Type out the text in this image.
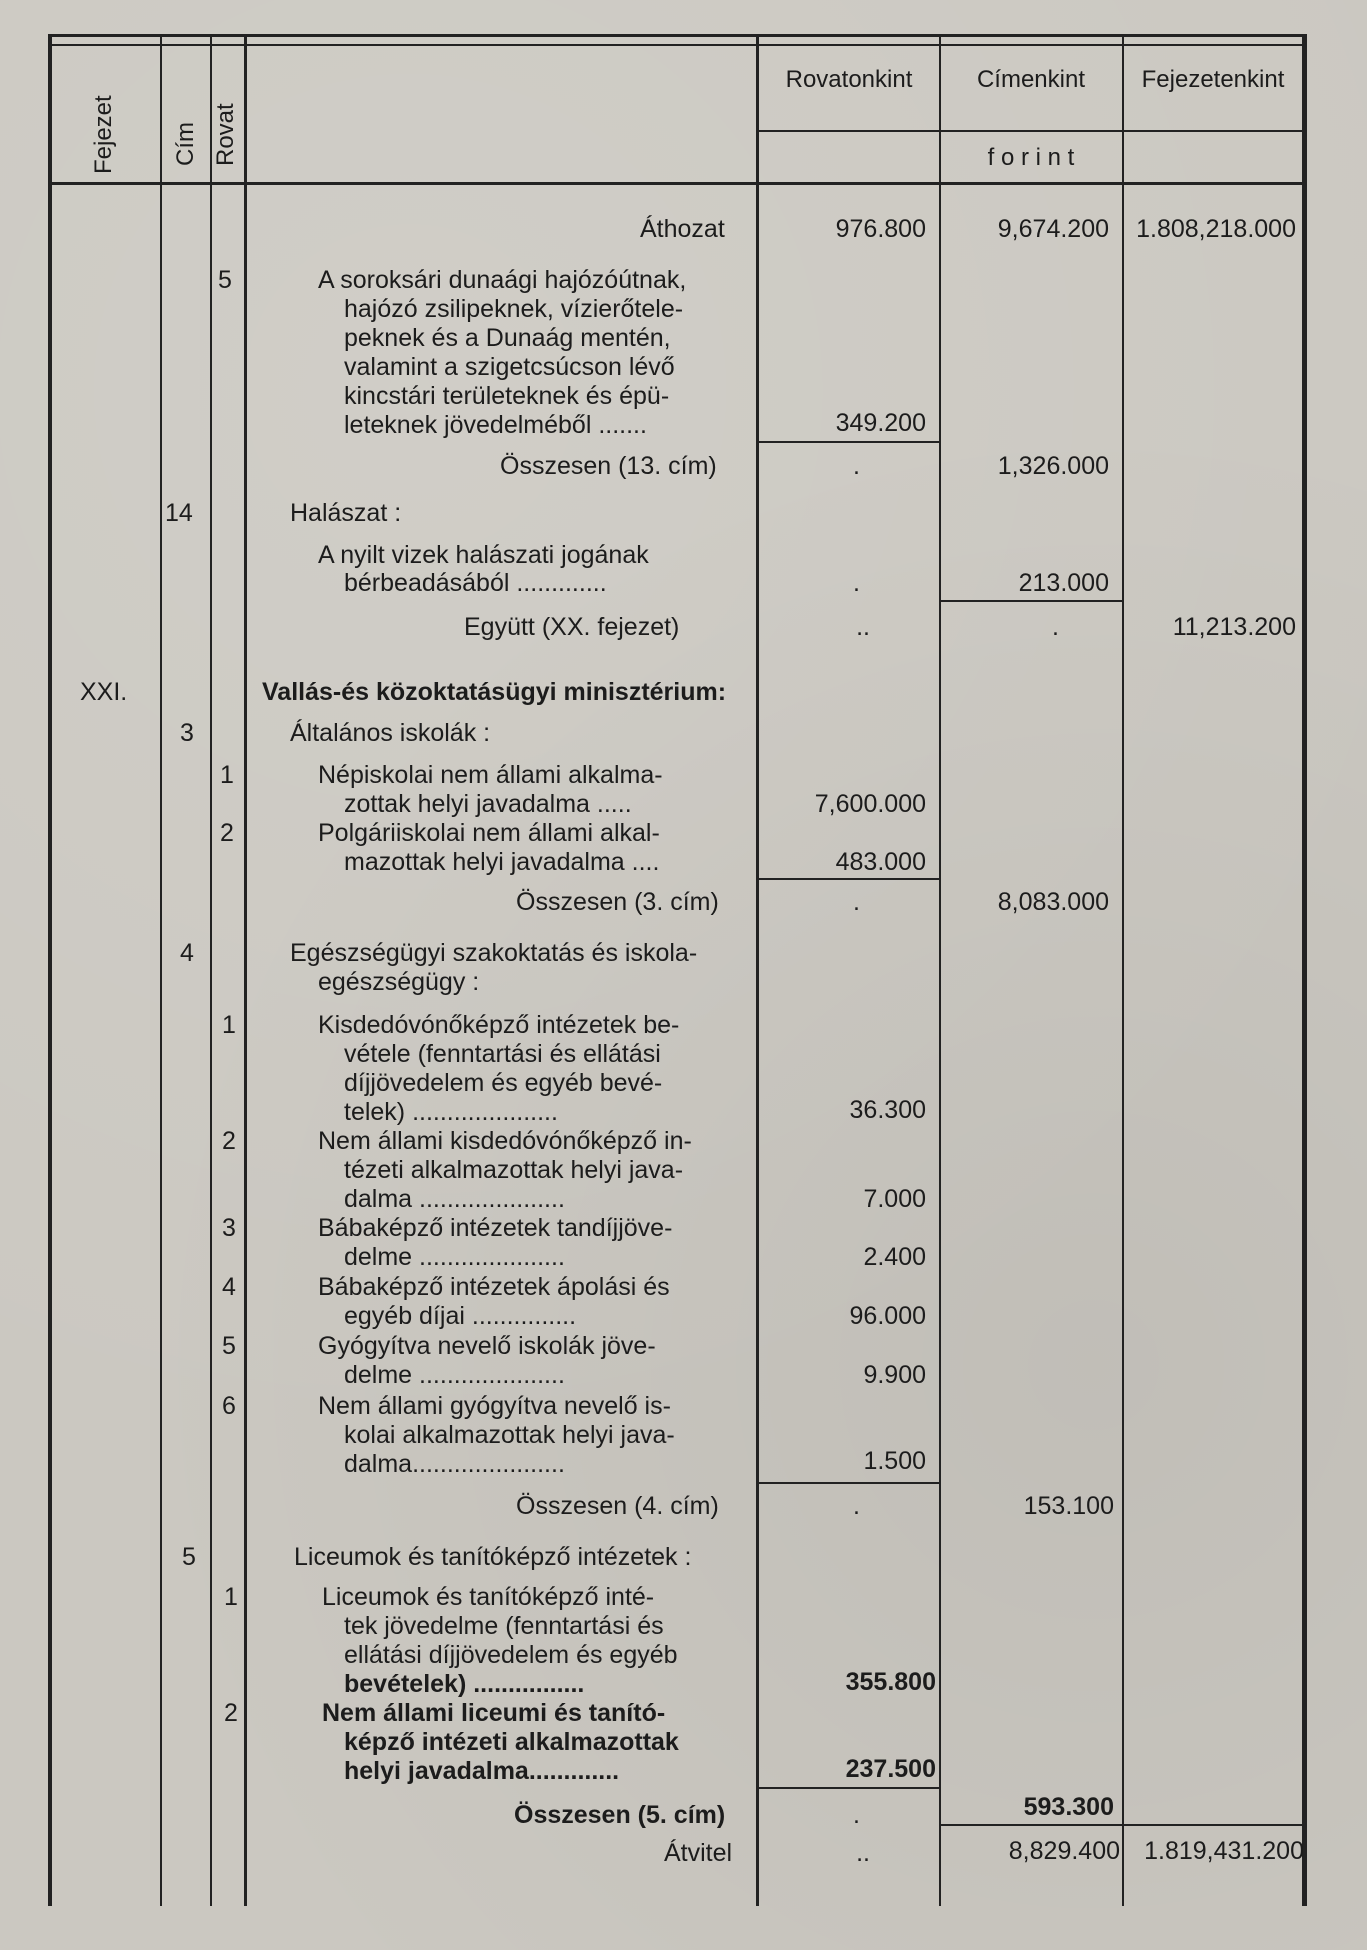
Fejezet Cím Rovat
Rovatonkint	Címenkint	Fejezetenkint
f o r i n t
Áthozat	976.800	9,674.200	1.808,218.000
5	A soroksári dunaági hajózóútnak,
hajózó zsilipeknek, vízierőtele-
peknek és a Dunaág mentén,
valamint a szigetcsúcson lévő
kincstári területeknek és épü-
leteknek jövedelméből .......	349.200
Összesen (13. cím)	.	1,326.000
14	Halászat :
A nyilt vizek halászati jogának
bérbeadásából .............	.	213.000
Együtt (XX. fejezet)	..	.	11,213.200
XXI.	Vallás-és közoktatásügyi minisztérium:
3	Általános iskolák :
1	Népiskolai nem állami alkalma-
zottak helyi javadalma .....	7,600.000
2	Polgáriiskolai nem állami alkal-
mazottak helyi javadalma ....	483.000
Összesen (3. cím)	.	8,083.000
4	Egészségügyi szakoktatás és iskola-
egészségügy :
1	Kisdedóvónőképző intézetek be-
vétele (fenntartási és ellátási
díjjövedelem és egyéb bevé-
telek) .....................	36.300
2	Nem állami kisdedóvónőképző in-
tézeti alkalmazottak helyi java-
dalma .....................	7.000
3	Bábaképző intézetek tandíjjöve-
delme .....................	2.400
4	Bábaképző intézetek ápolási és
egyéb díjai ...............	96.000
5	Gyógyítva nevelő iskolák jöve-
delme .....................	9.900
6	Nem állami gyógyítva nevelő is-
kolai alkalmazottak helyi java-
dalma......................	1.500
Összesen (4. cím)	.	153.100
5	Liceumok és tanítóképző intézetek :
1	Liceumok és tanítóképző inté-
tek jövedelme (fenntartási és
ellátási díjjövedelem és egyéb
bevételek) ................	355.800
2	Nem állami liceumi és tanító-
képző intézeti alkalmazottak
helyi javadalma.............	237.500
Összesen (5. cím)	.	593.300
Átvitel	..	8,829.400 1.819,431.200
